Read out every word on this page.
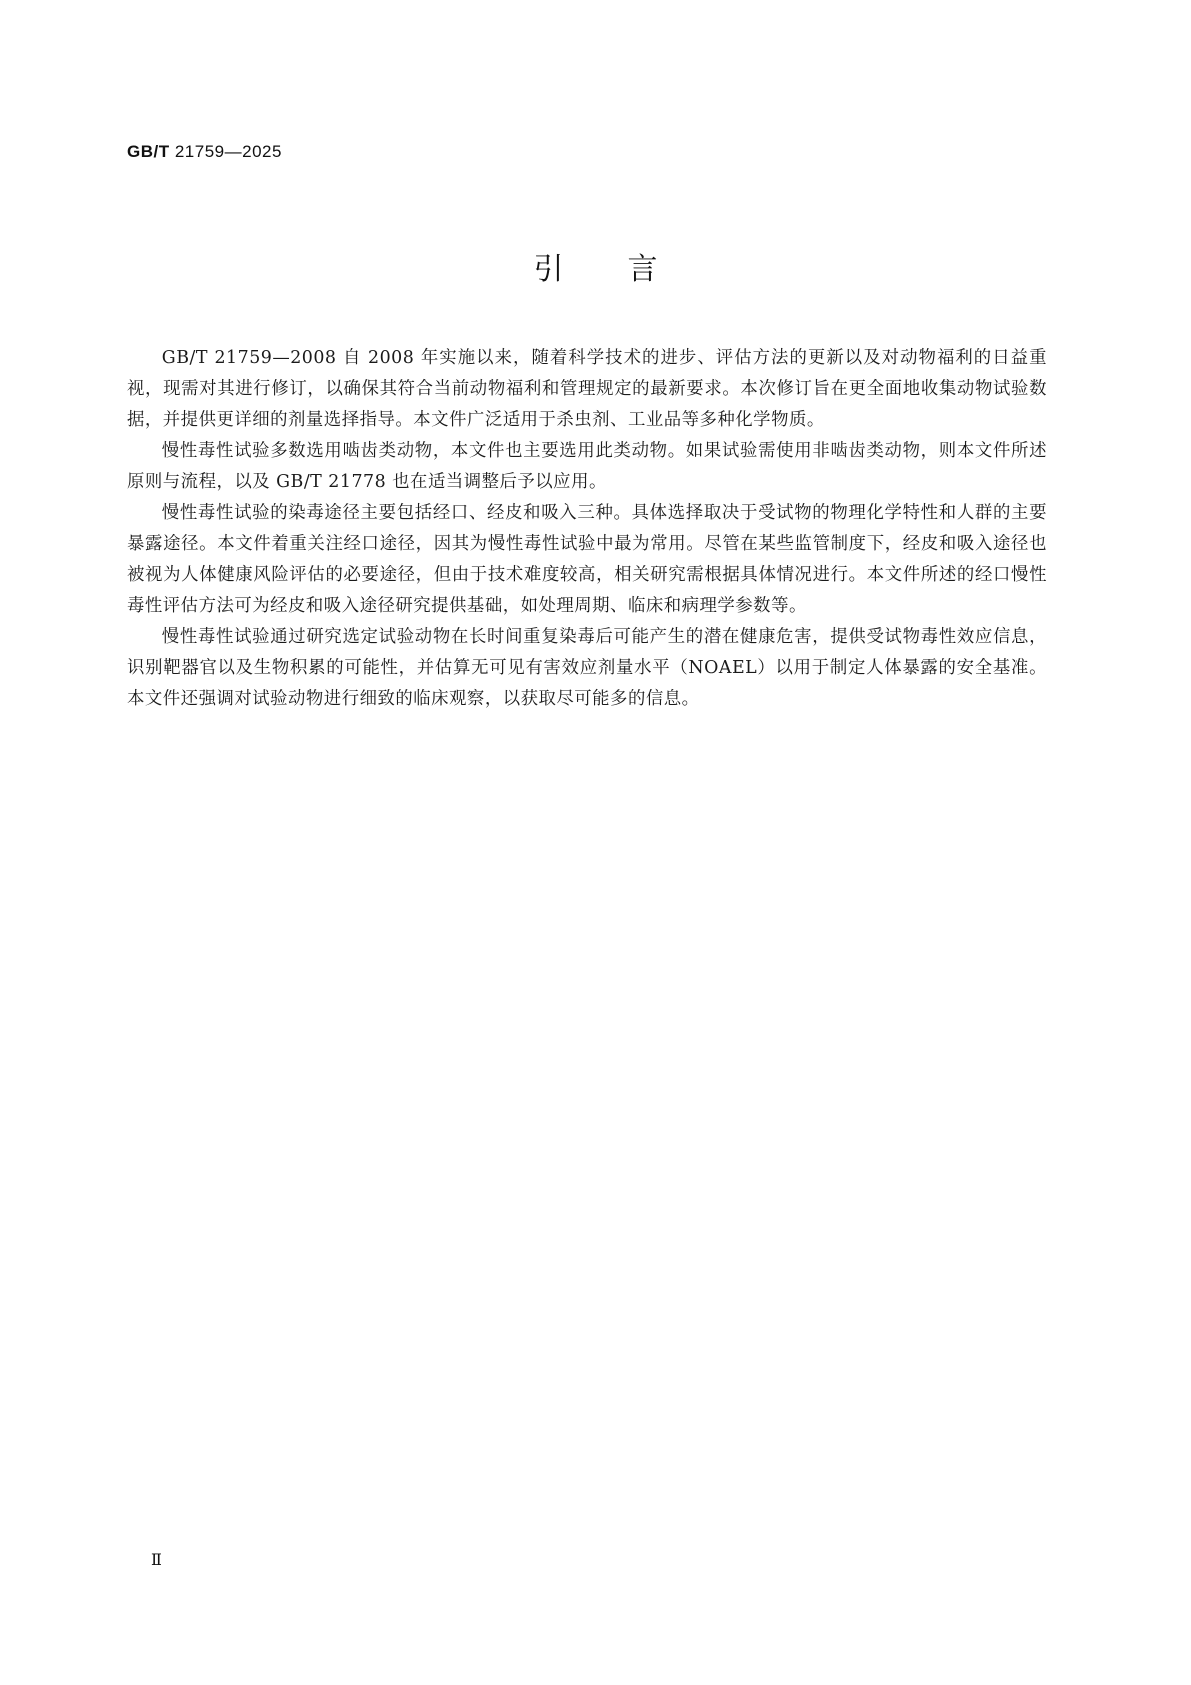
GB/T 21759—2025
引言

GB/T 21759—2008 自 2008 年实施以来，随着科学技术的进步、评估方法的更新以及对动物福利的日益重视，现需对其进行修订，以确保其符合当前动物福利和管理规定的最新要求。本次修订旨在更全面地收集动物试验数据，并提供更详细的剂量选择指导。本文件广泛适用于杀虫剂、工业品等多种化学物质。

慢性毒性试验多数选用啮齿类动物，本文件也主要选用此类动物。如果试验需使用非啮齿类动物，则本文件所述原则与流程，以及 GB/T 21778 也在适当调整后予以应用。

慢性毒性试验的染毒途径主要包括经口、经皮和吸入三种。具体选择取决于受试物的物理化学特性和人群的主要暴露途径。本文件着重关注经口途径，因其为慢性毒性试验中最为常用。尽管在某些监管制度下，经皮和吸入途径也被视为人体健康风险评估的必要途径，但由于技术难度较高，相关研究需根据具体情况进行。本文件所述的经口慢性毒性评估方法可为经皮和吸入途径研究提供基础，如处理周期、临床和病理学参数等。

慢性毒性试验通过研究选定试验动物在长时间重复染毒后可能产生的潜在健康危害，提供受试物毒性效应信息，识别靶器官以及生物积累的可能性，并估算无可见有害效应剂量水平（NOAEL）以用于制定人体暴露的安全基准。本文件还强调对试验动物进行细致的临床观察，以获取尽可能多的信息。

Ⅱ
